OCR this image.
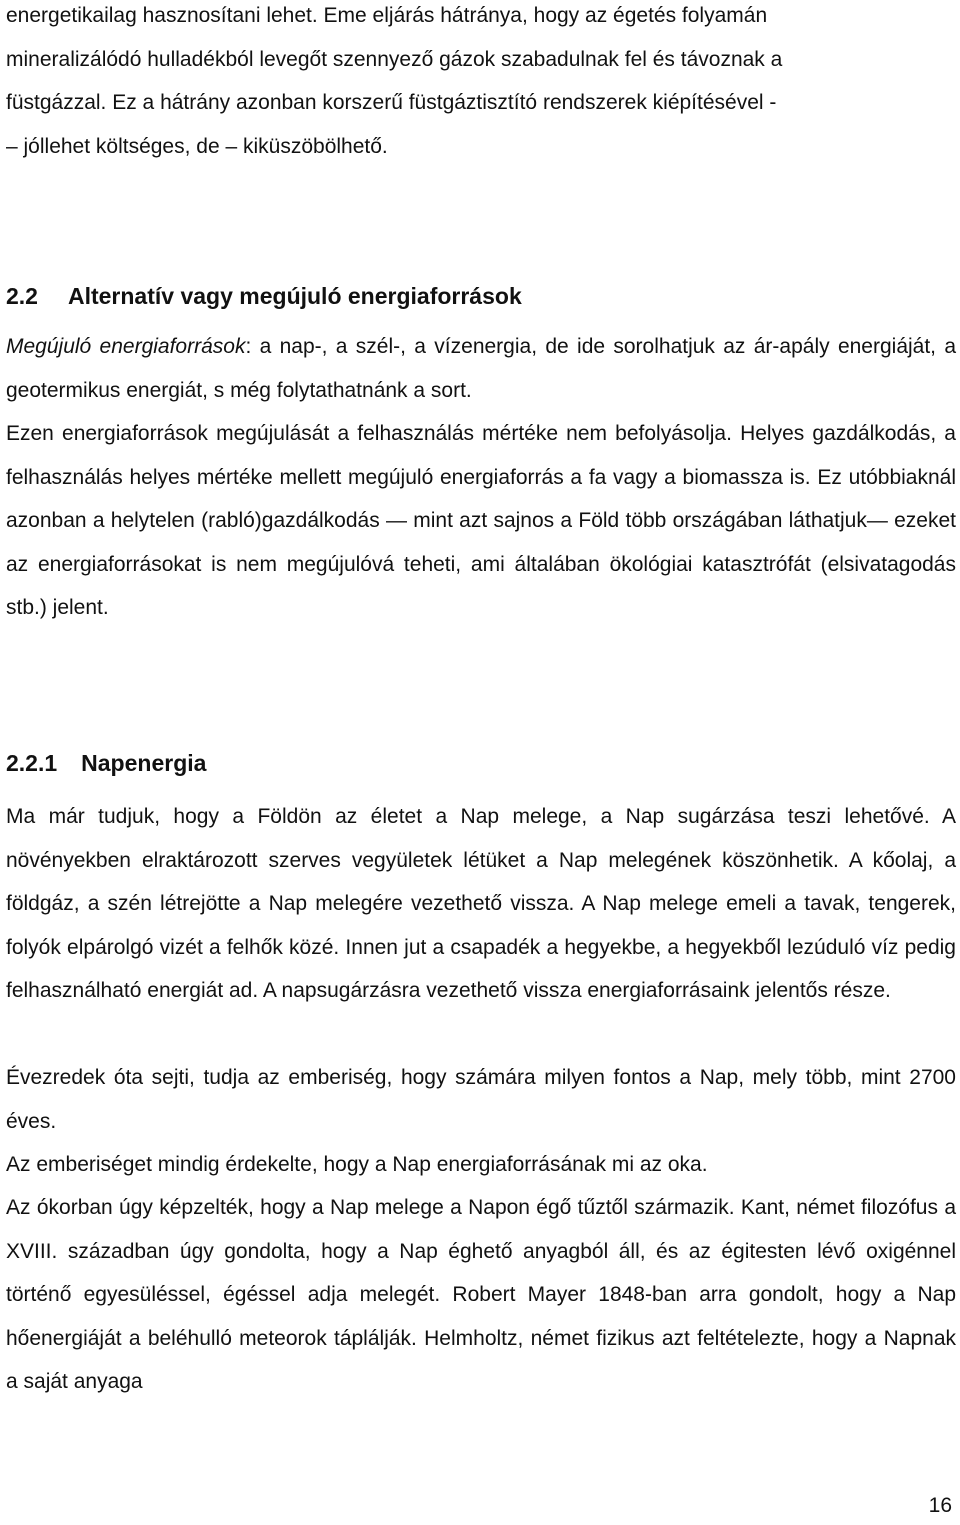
energetikailag hasznosítani lehet. Eme eljárás hátránya, hogy az égetés folyamán
mineralizálódó hulladékból levegőt szennyező gázok szabadulnak fel és távoznak a
füstgázzal. Ez a hátrány azonban korszerű füstgáztisztító rendszerek kiépítésével -
– jóllehet költséges, de – kiküszöbölhető.
2.2 Alternatív vagy megújuló energiaforrások

Megújuló energiaforrások: a nap-, a szél-, a vízenergia, de ide sorolhatjuk az ár-apály energiáját, a geotermikus energiát, s még folytathatnánk a sort.

Ezen energiaforrások megújulását a felhasználás mértéke nem befolyásolja. Helyes gazdálkodás, a felhasználás helyes mértéke mellett megújuló energiaforrás a fa vagy a biomassza is. Ez utóbbiaknál azonban a helytelen (rabló)gazdálkodás — mint azt sajnos a Föld több országában láthatjuk— ezeket az energiaforrásokat is nem megújulóvá teheti, ami általában ökológiai katasztrófát (elsivatagodás stb.) jelent.

2.2.1 Napenergia

Ma már tudjuk, hogy a Földön az életet a Nap melege, a Nap sugárzása teszi lehetővé. A növényekben elraktározott szerves vegyületek létüket a Nap melegének köszönhetik. A kőolaj, a földgáz, a szén létrejötte a Nap melegére vezethető vissza. A Nap melege emeli a tavak, tengerek, folyók elpárolgó vizét a felhők közé. Innen jut a csapadék a hegyekbe, a hegyekből lezúduló víz pedig felhasználható energiát ad. A napsugárzásra vezethető vissza energiaforrásaink jelentős része.

Évezredek óta sejti, tudja az emberiség, hogy számára milyen fontos a Nap, mely több, mint 2700 éves.

Az emberiséget mindig érdekelte, hogy a Nap energiaforrásának mi az oka.

Az ókorban úgy képzelték, hogy a Nap melege a Napon égő tűztől származik. Kant, német filozófus a XVIII. században úgy gondolta, hogy a Nap éghető anyagból áll, és az égitesten lévő oxigénnel történő egyesüléssel, égéssel adja melegét. Robert Mayer 1848-ban arra gondolt, hogy a Nap hőenergiáját a beléhulló meteorok táplálják. Helmholtz, német fizikus azt feltételezte, hogy a Napnak a saját anyaga

16
